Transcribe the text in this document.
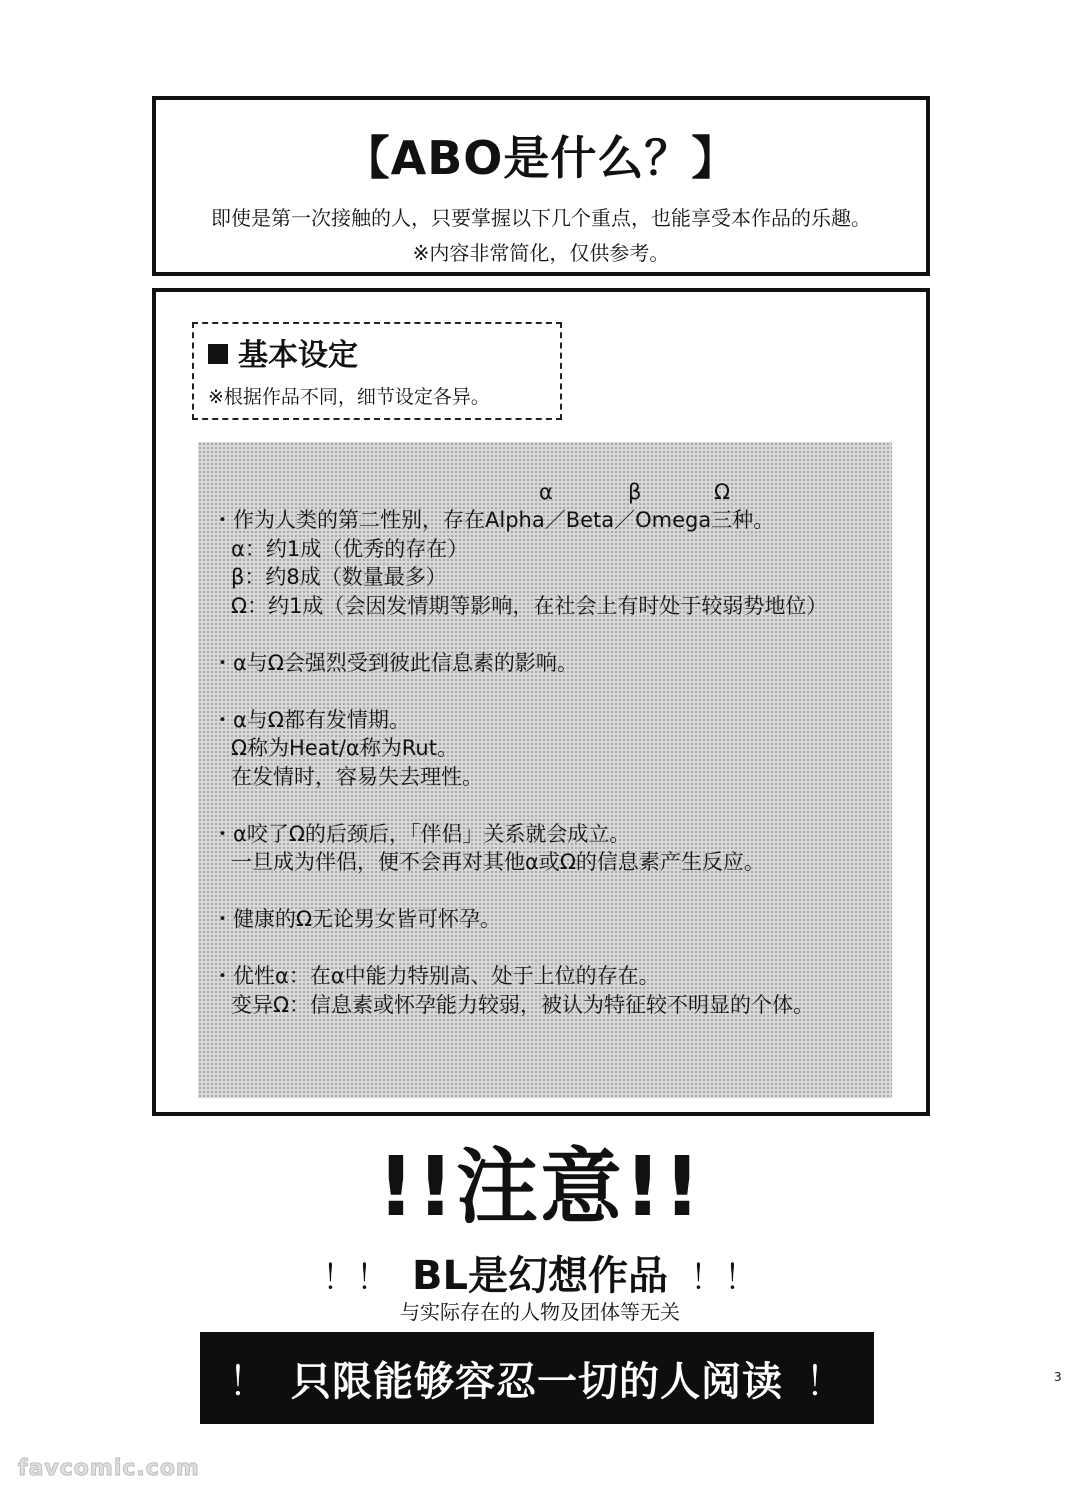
【ABO是什么？】
即使是第一次接触的人，只要掌握以下几个重点，也能享受本作品的乐趣。
※内容非常简化，仅供参考。
基本设定
※根据作品不同，细节设定各异。
α	β	Ω
・作为人类的第二性别，存在Alpha／Beta／Omega三种。
α：约1成（优秀的存在）
β：约8成（数量最多）
Ω：约1成（会因发情期等影响，在社会上有时处于较弱势地位）
・α与Ω会强烈受到彼此信息素的影响。
・α与Ω都有发情期。
Ω称为Heat/α称为Rut。
在发情时，容易失去理性。
・α咬了Ω的后颈后，「伴侣」关系就会成立。
一旦成为伴侣，便不会再对其他α或Ω的信息素产生反应。
・健康的Ω无论男女皆可怀孕。
・优性α：在α中能力特别高、处于上位的存在。
变异Ω：信息素或怀孕能力较弱，被认为特征较不明显的个体。
!!注意!!
！！ BL是幻想作品 ！！
与实际存在的人物及团体等无关
！ 只限能够容忍一切的人阅读 ！	3
favcomic.com
